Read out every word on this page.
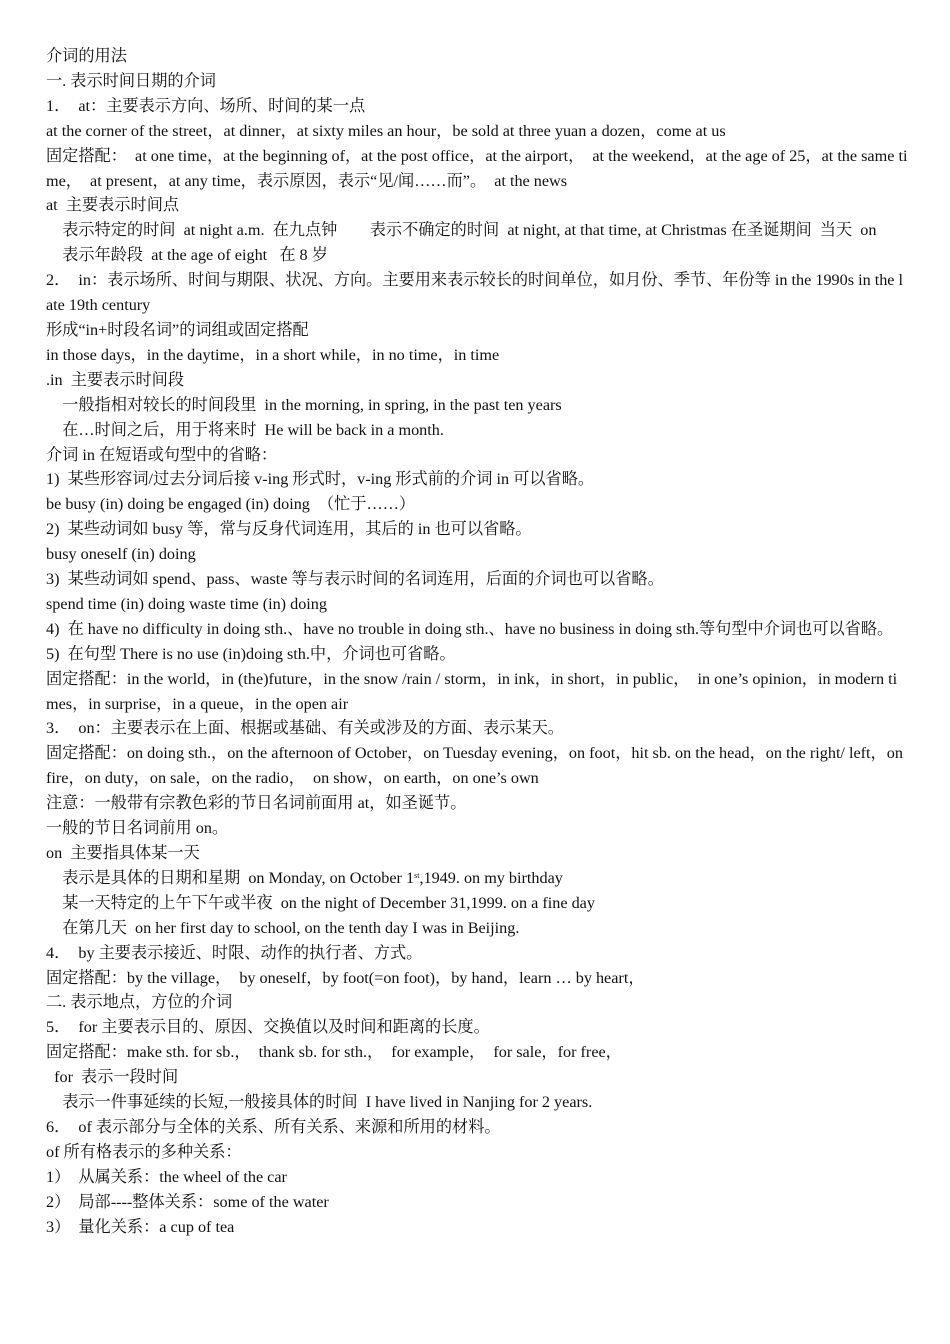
介词的用法
一. 表示时间日期的介词
1．  at：主要表示方向、场所、时间的某一点
at the corner of the street，at dinner，at sixty miles an hour，be sold at three yuan a dozen，come at us
固定搭配：  at one time，at the beginning of，at the post office，at the airport，  at the weekend，at the age of 25，at the same time，  at present，at any time，表示原因，表示“见/闻……而”。  at the news
at  主要表示时间点
表示特定的时间  at night a.m.  在九点钟        表示不确定的时间  at night, at that time, at Christmas 在圣诞期间  当天  on
表示年龄段  at the age of eight   在 8 岁
2．  in：表示场所、时间与期限、状况、方向。主要用来表示较长的时间单位，如月份、季节、年份等 in the 1990s in the late 19th century
形成“in+时段名词”的词组或固定搭配
in those days，in the daytime，in a short while，in no time，in time
.in  主要表示时间段
一般指相对较长的时间段里  in the morning, in spring, in the past ten years
在…时间之后，用于将来时  He will be back in a month.
介词 in 在短语或句型中的省略：
1)  某些形容词/过去分词后接 v-ing 形式时，v-ing 形式前的介词 in 可以省略。
be busy (in) doing be engaged (in) doing  （忙于……）
2)  某些动词如 busy 等，常与反身代词连用，其后的 in 也可以省略。
busy oneself (in) doing
3)  某些动词如 spend、pass、waste 等与表示时间的名词连用，后面的介词也可以省略。
spend time (in) doing waste time (in) doing
4)  在 have no difficulty in doing sth.、have no trouble in doing sth.、have no business in doing sth.等句型中介词也可以省略。
5)  在句型 There is no use (in)doing sth.中，介词也可省略。
固定搭配：in the world，in (the)future，in the snow /rain / storm，in ink，in short，in public，  in one’s opinion，in modern times，in surprise，in a queue，in the open air
3．  on：主要表示在上面、根据或基础、有关或涉及的方面、表示某天。
固定搭配：on doing sth.，on the afternoon of October，on Tuesday evening，on foot，hit sb. on the head，on the right/ left，on fire，on duty，on sale，on the radio，  on show，on earth，on one’s own
注意：一般带有宗教色彩的节日名词前面用 at，如圣诞节。
一般的节日名词前用 on。
on  主要指具体某一天
表示是具体的日期和星期  on Monday, on October 1st,1949. on my birthday
某一天特定的上午下午或半夜  on the night of December 31,1999. on a fine day
在第几天  on her first day to school, on the tenth day I was in Beijing.
4．  by 主要表示接近、时限、动作的执行者、方式。
固定搭配：by the village，  by oneself，by foot(=on foot)，by hand，learn … by heart，
二. 表示地点，方位的介词
5．  for 主要表示目的、原因、交换值以及时间和距离的长度。
固定搭配：make sth. for sb.，  thank sb. for sth.，  for example，  for sale，for free，
for  表示一段时间
表示一件事延续的长短,一般接具体的时间  I have lived in Nanjing for 2 years.
6．  of 表示部分与全体的关系、所有关系、来源和所用的材料。
of 所有格表示的多种关系：
1）  从属关系：the wheel of the car
2）  局部----整体关系：some of the water
3）  量化关系：a cup of tea
